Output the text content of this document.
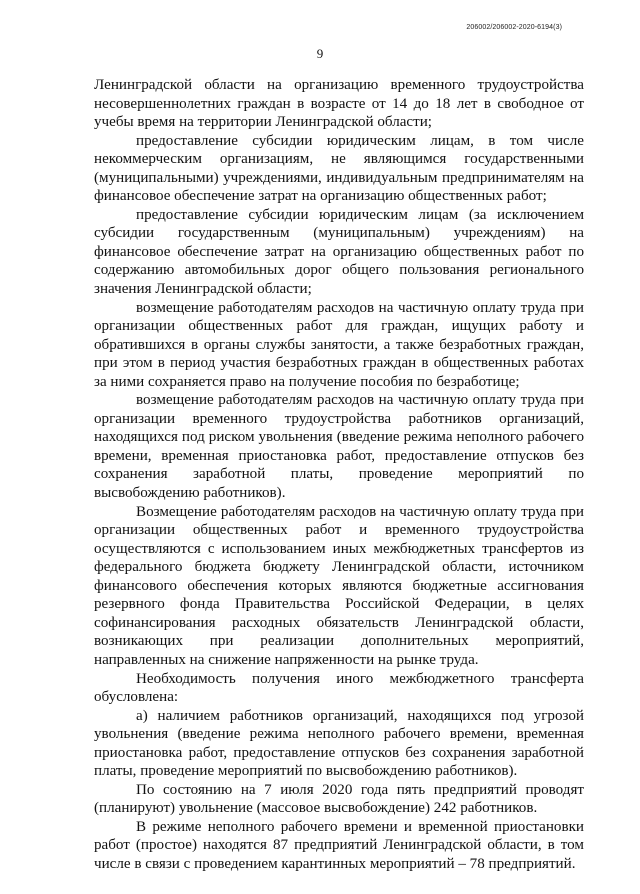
206002/206002-2020-6194(3)
9

Ленинградской области на организацию временного трудоустройства несовершеннолетних граждан в возрасте от 14 до 18 лет в свободное от учебы время на территории Ленинградской области;

предоставление субсидии юридическим лицам, в том числе некоммерческим организациям, не являющимся государственными (муниципальными) учреждениями, индивидуальным предпринимателям на финансовое обеспечение затрат на организацию общественных работ;

предоставление субсидии юридическим лицам (за исключением субсидии государственным (муниципальным) учреждениям) на финансовое обеспечение затрат на организацию общественных работ по содержанию автомобильных дорог общего пользования регионального значения Ленинградской области;

возмещение работодателям расходов на частичную оплату труда при организации общественных работ для граждан, ищущих работу и обратившихся в органы службы занятости, а также безработных граждан, при этом в период участия безработных граждан в общественных работах за ними сохраняется право на получение пособия по безработице;

возмещение работодателям расходов на частичную оплату труда при организации временного трудоустройства работников организаций, находящихся под риском увольнения (введение режима неполного рабочего времени, временная приостановка работ, предоставление отпусков без сохранения заработной платы, проведение мероприятий по высвобождению работников).

Возмещение работодателям расходов на частичную оплату труда при организации общественных работ и временного трудоустройства осуществляются с использованием иных межбюджетных трансфертов из федерального бюджета бюджету Ленинградской области, источником финансового обеспечения которых являются бюджетные ассигнования резервного фонда Правительства Российской Федерации, в целях софинансирования расходных обязательств Ленинградской области, возникающих при реализации дополнительных мероприятий, направленных на снижение напряженности на рынке труда.

Необходимость получения иного межбюджетного трансферта обусловлена:

а) наличием работников организаций, находящихся под угрозой увольнения (введение режима неполного рабочего времени, временная приостановка работ, предоставление отпусков без сохранения заработной платы, проведение мероприятий по высвобождению работников).

По состоянию на 7 июля 2020 года пять предприятий проводят (планируют) увольнение (массовое высвобождение) 242 работников.

В режиме неполного рабочего времени и временной приостановки работ (простое) находятся 87 предприятий Ленинградской области, в том числе в связи с проведением карантинных мероприятий – 78 предприятий.
